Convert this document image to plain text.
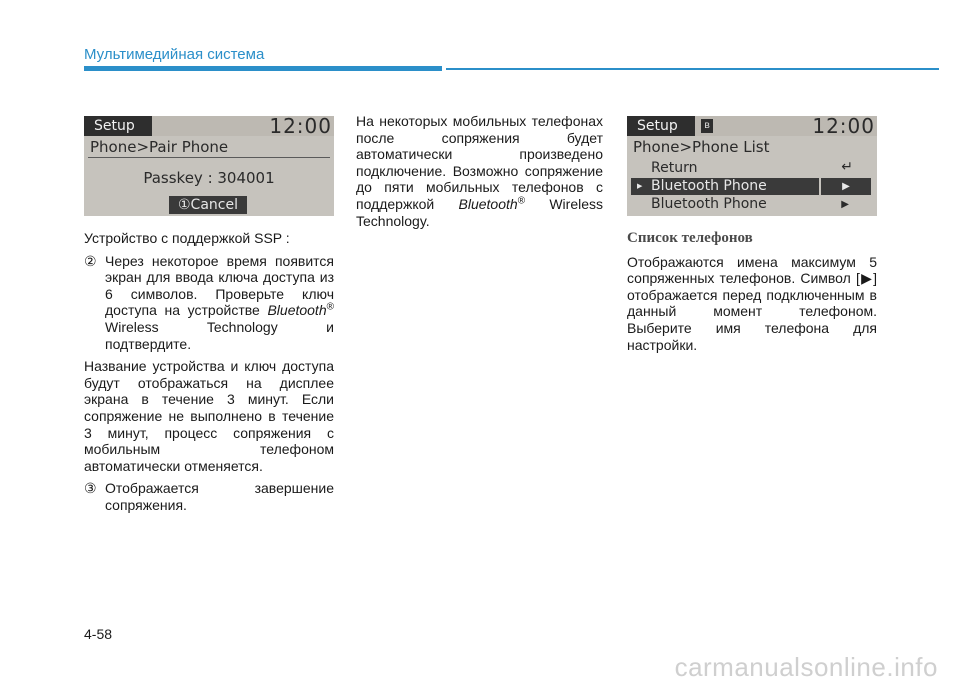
Мультимедийная система
Setup	12:00
Phone>Pair Phone
Passkey : 304001
①Cancel
Setup	ʙ	12:00
Phone>Phone List
Return	↵
▶ Bluetooth Phone	▶
Bluetooth Phone	▶

Устройство с поддержкой SSP :

② Через некоторое время появится экран для ввода ключа доступа из 6 символов. Проверьте ключ доступа на устройстве Bluetooth® Wireless Technology и подтвердите.

Название устройства и ключ доступа будут отображаться на дисплее экрана в течение 3 минут. Если сопряжение не выполнено в течение 3 минут, процесс сопряжения с мобильным телефоном автоматически отменяется.

③ Отображается завершение сопряжения.

На некоторых мобильных телефонах после сопряжения будет автоматически произведено подключение. Возможно сопряжение до пяти мобильных телефонов с поддержкой Bluetooth® Wireless Technology.

Список телефонов

Отображаются имена максимум 5 сопряженных телефонов. Символ [▶] отображается перед подключенным в данный момент телефоном. Выберите имя телефона для настройки.

4-58
carmanualsonline.info
